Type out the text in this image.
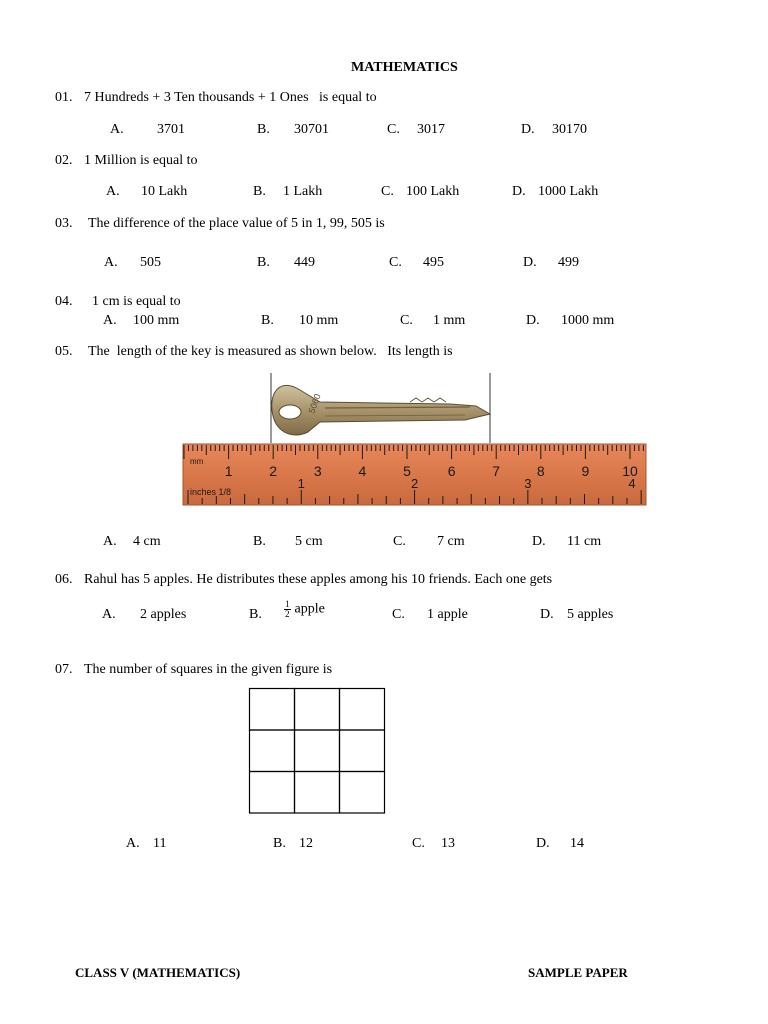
MATHEMATICS
01. 7 Hundreds + 3 Ten thousands + 1 Ones   is equal to
A. 3701	B. 30701	C. 3017	D. 30170
02. 1 Million is equal to
A. 10 Lakh	B. 1 Lakh	C. 100 Lakh	D. 1000 Lakh
03. The difference of the place value of 5 in 1, 99, 505 is
A. 505	B. 449	C. 495	D. 499
04. 1 cm is equal to
A. 100 mm	B. 10 mm	C. 1 mm	D. 1000 mm
05. The  length of the key is measured as shown below.   Its length is
5060
mm
inches 1/8
1	2	3	4	5	6	7	8	9 10
1	2	3	4
A. 4 cm	B. 5 cm	C. 7 cm	D. 11 cm
06. Rahul has 5 apples. He distributes these apples among his 10 friends. Each one gets
A. 2 apples	B. $\frac{1}{2}$ apple	C. 1 apple	D. 5 apples
07. The number of squares in the given figure is
A. 11	B. 12	C. 13	D. 14
CLASS V (MATHEMATICS)	SAMPLE PAPER
